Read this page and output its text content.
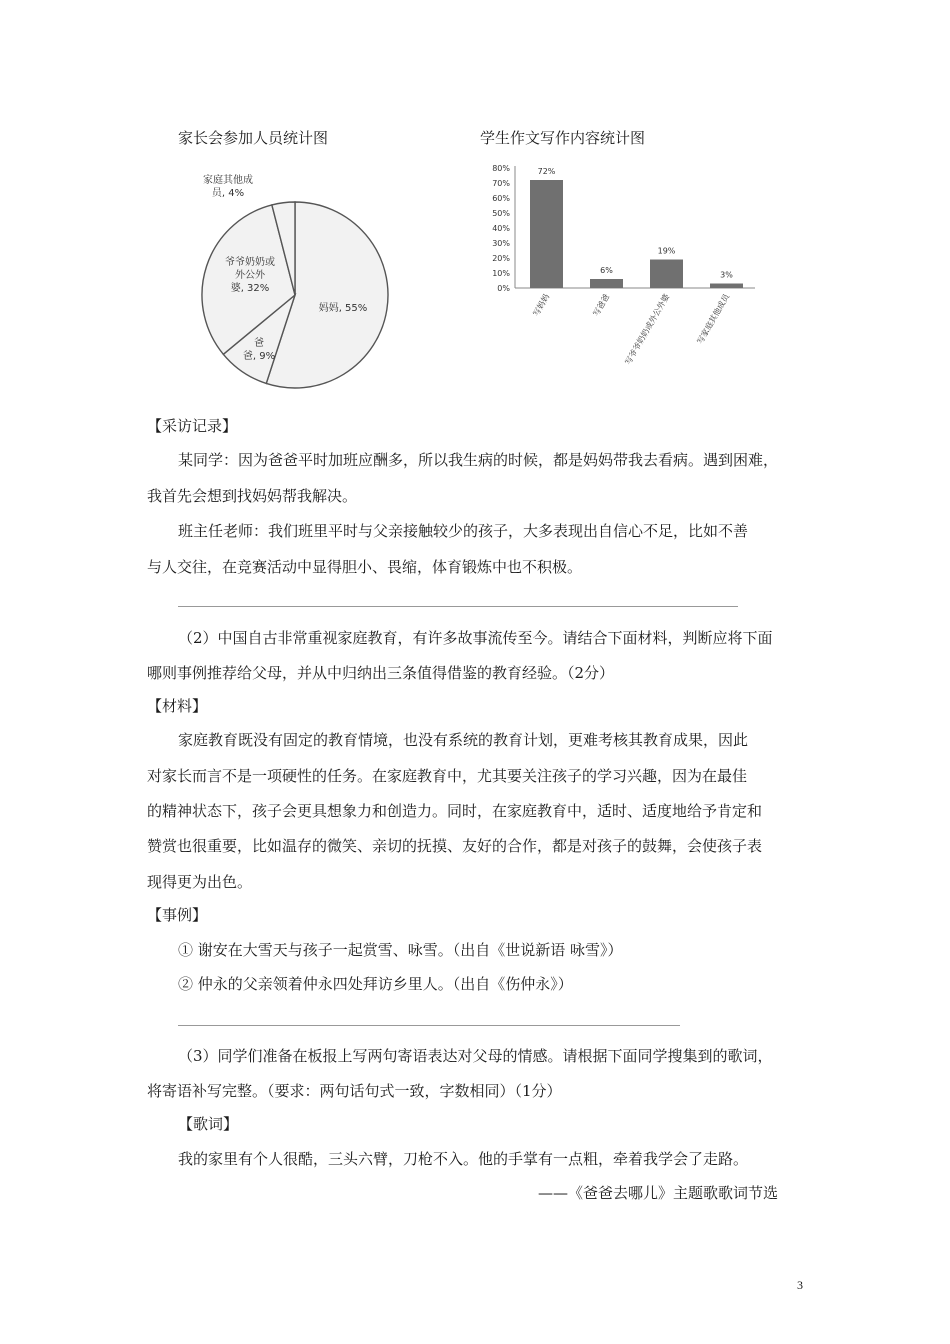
家长会参加人员统计图	学生作文写作内容统计图
妈妈, 55%
爸爸, 9%
爷爷奶奶或外公外婆, 32%
家庭其他成员, 4%
0%
10%
20%
30%
40%
50%
60%
70%
80%	72%
写妈妈
6%
写爸爸
19%
写爷爷奶奶或外公外婆
3%
写家庭其他成员
【采访记录】
某同学：因为爸爸平时加班应酬多，所以我生病的时候，都是妈妈带我去看病。遇到困难，
我首先会想到找妈妈帮我解决。
班主任老师：我们班里平时与父亲接触较少的孩子，大多表现出自信心不足，比如不善
与人交往，在竞赛活动中显得胆小、畏缩，体育锻炼中也不积极。
（2）中国自古非常重视家庭教育，有许多故事流传至今。请结合下面材料，判断应将下面
哪则事例推荐给父母，并从中归纳出三条值得借鉴的教育经验。（2分）
【材料】
家庭教育既没有固定的教育情境，也没有系统的教育计划，更难考核其教育成果，因此
对家长而言不是一项硬性的任务。在家庭教育中，尤其要关注孩子的学习兴趣，因为在最佳
的精神状态下，孩子会更具想象力和创造力。同时，在家庭教育中，适时、适度地给予肯定和
赞赏也很重要，比如温存的微笑、亲切的抚摸、友好的合作，都是对孩子的鼓舞，会使孩子表
现得更为出色。
【事例】
① 谢安在大雪天与孩子一起赏雪、咏雪。（出自《世说新语 咏雪》）
② 仲永的父亲领着仲永四处拜访乡里人。（出自《伤仲永》）
（3）同学们准备在板报上写两句寄语表达对父母的情感。请根据下面同学搜集到的歌词，
将寄语补写完整。（要求：两句话句式一致，字数相同）（1分）
【歌词】
我的家里有个人很酷，三头六臂，刀枪不入。他的手掌有一点粗，牵着我学会了走路。
——《爸爸去哪儿》主题歌歌词节选
3
